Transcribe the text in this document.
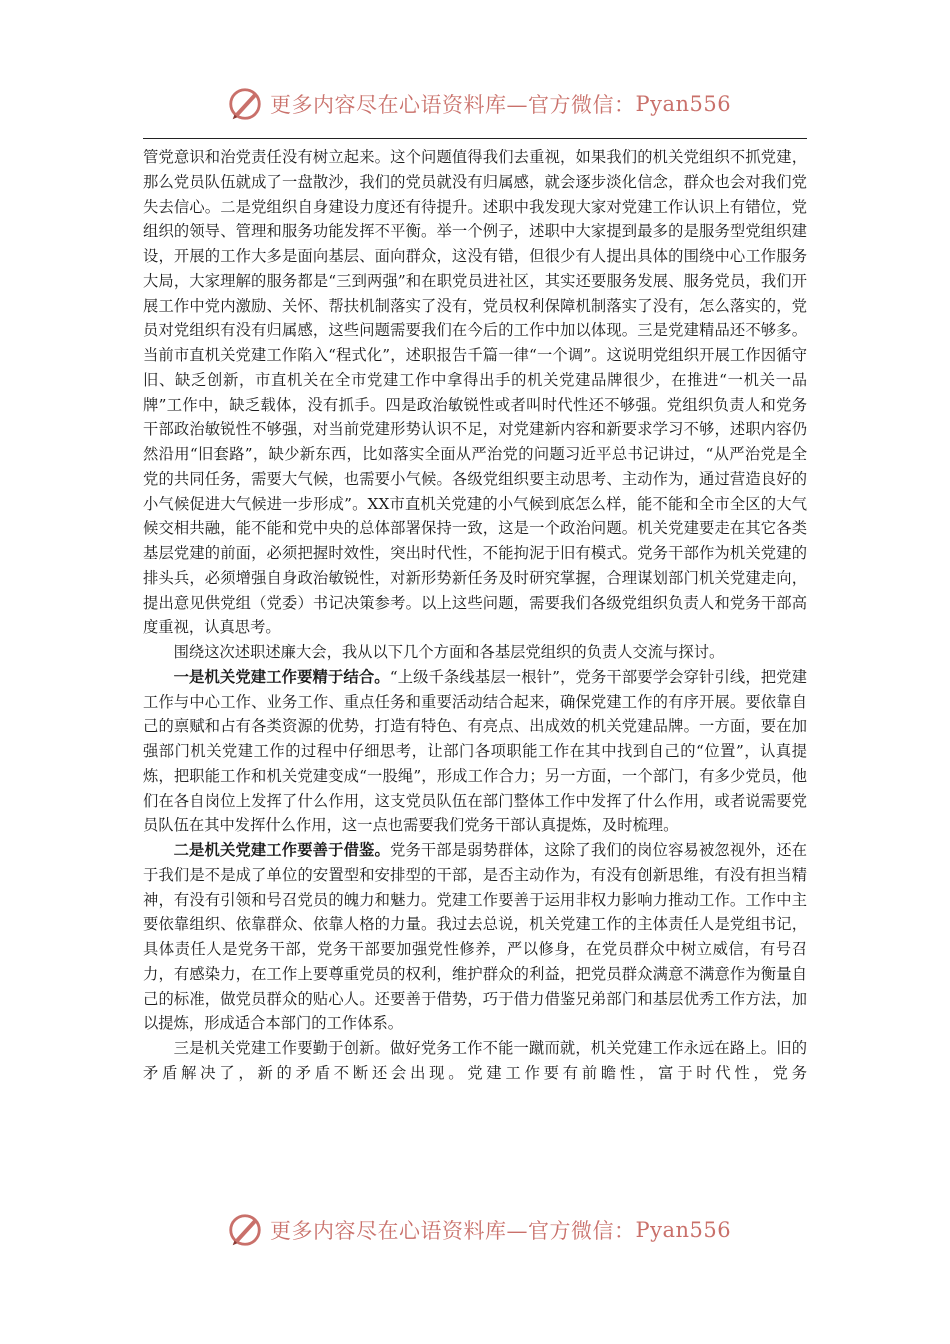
更多内容尽在心语资料库—官方微信： Pyan556

管党意识和治党责任没有树立起来。这个问题值得我们去重视，如果我们的机关党组织不抓党建，那么党员队伍就成了一盘散沙，我们的党员就没有归属感，就会逐步淡化信念，群众也会对我们党失去信心。二是党组织自身建设力度还有待提升。述职中我发现大家对党建工作认识上有错位，党组织的领导、管理和服务功能发挥不平衡。举一个例子，述职中大家提到最多的是服务型党组织建设，开展的工作大多是面向基层、面向群众，这没有错，但很少有人提出具体的围绕中心工作服务大局，大家理解的服务都是“三到两强”和在职党员进社区，其实还要服务发展、服务党员，我们开展工作中党内激励、关怀、帮扶机制落实了没有，党员权利保障机制落实了没有，怎么落实的，党员对党组织有没有归属感，这些问题需要我们在今后的工作中加以体现。三是党建精品还不够多。当前市直机关党建工作陷入“程式化”，述职报告千篇一律“一个调”。这说明党组织开展工作因循守旧、缺乏创新，市直机关在全市党建工作中拿得出手的机关党建品牌很少，在推进“一机关一品牌”工作中，缺乏载体，没有抓手。四是政治敏锐性或者叫时代性还不够强。党组织负责人和党务干部政治敏锐性不够强，对当前党建形势认识不足，对党建新内容和新要求学习不够，述职内容仍然沿用“旧套路”，缺少新东西，比如落实全面从严治党的问题习近平总书记讲过，“从严治党是全党的共同任务，需要大气候，也需要小气候。各级党组织要主动思考、主动作为，通过营造良好的小气候促进大气候进一步形成”。XX市直机关党建的小气候到底怎么样，能不能和全市全区的大气候交相共融，能不能和党中央的总体部署保持一致，这是一个政治问题。机关党建要走在其它各类基层党建的前面，必须把握时效性，突出时代性，不能拘泥于旧有模式。党务干部作为机关党建的排头兵，必须增强自身政治敏锐性，对新形势新任务及时研究掌握，合理谋划部门机关党建走向，提出意见供党组（党委）书记决策参考。以上这些问题，需要我们各级党组织负责人和党务干部高度重视，认真思考。

围绕这次述职述廉大会，我从以下几个方面和各基层党组织的负责人交流与探讨。

一是机关党建工作要精于结合。“上级千条线基层一根针”，党务干部要学会穿针引线，把党建工作与中心工作、业务工作、重点任务和重要活动结合起来，确保党建工作的有序开展。要依靠自己的禀赋和占有各类资源的优势，打造有特色、有亮点、出成效的机关党建品牌。一方面，要在加强部门机关党建工作的过程中仔细思考，让部门各项职能工作在其中找到自己的“位置”，认真提炼，把职能工作和机关党建变成“一股绳”，形成工作合力；另一方面，一个部门，有多少党员，他们在各自岗位上发挥了什么作用，这支党员队伍在部门整体工作中发挥了什么作用，或者说需要党员队伍在其中发挥什么作用，这一点也需要我们党务干部认真提炼，及时梳理。

二是机关党建工作要善于借鉴。党务干部是弱势群体，这除了我们的岗位容易被忽视外，还在于我们是不是成了单位的安置型和安排型的干部，是否主动作为，有没有创新思维，有没有担当精神，有没有引领和号召党员的魄力和魅力。党建工作要善于运用非权力影响力推动工作。工作中主要依靠组织、依靠群众、依靠人格的力量。我过去总说，机关党建工作的主体责任人是党组书记，具体责任人是党务干部，党务干部要加强党性修养，严以修身，在党员群众中树立威信，有号召力，有感染力，在工作上要尊重党员的权利，维护群众的利益，把党员群众满意不满意作为衡量自己的标准，做党员群众的贴心人。还要善于借势，巧于借力借鉴兄弟部门和基层优秀工作方法，加以提炼，形成适合本部门的工作体系。

三是机关党建工作要勤于创新。做好党务工作不能一蹴而就，机关党建工作永远在路上。旧的矛盾解决了，新的矛盾不断还会出现。党建工作要有前瞻性，富于时代性，党务

更多内容尽在心语资料库—官方微信： Pyan556
